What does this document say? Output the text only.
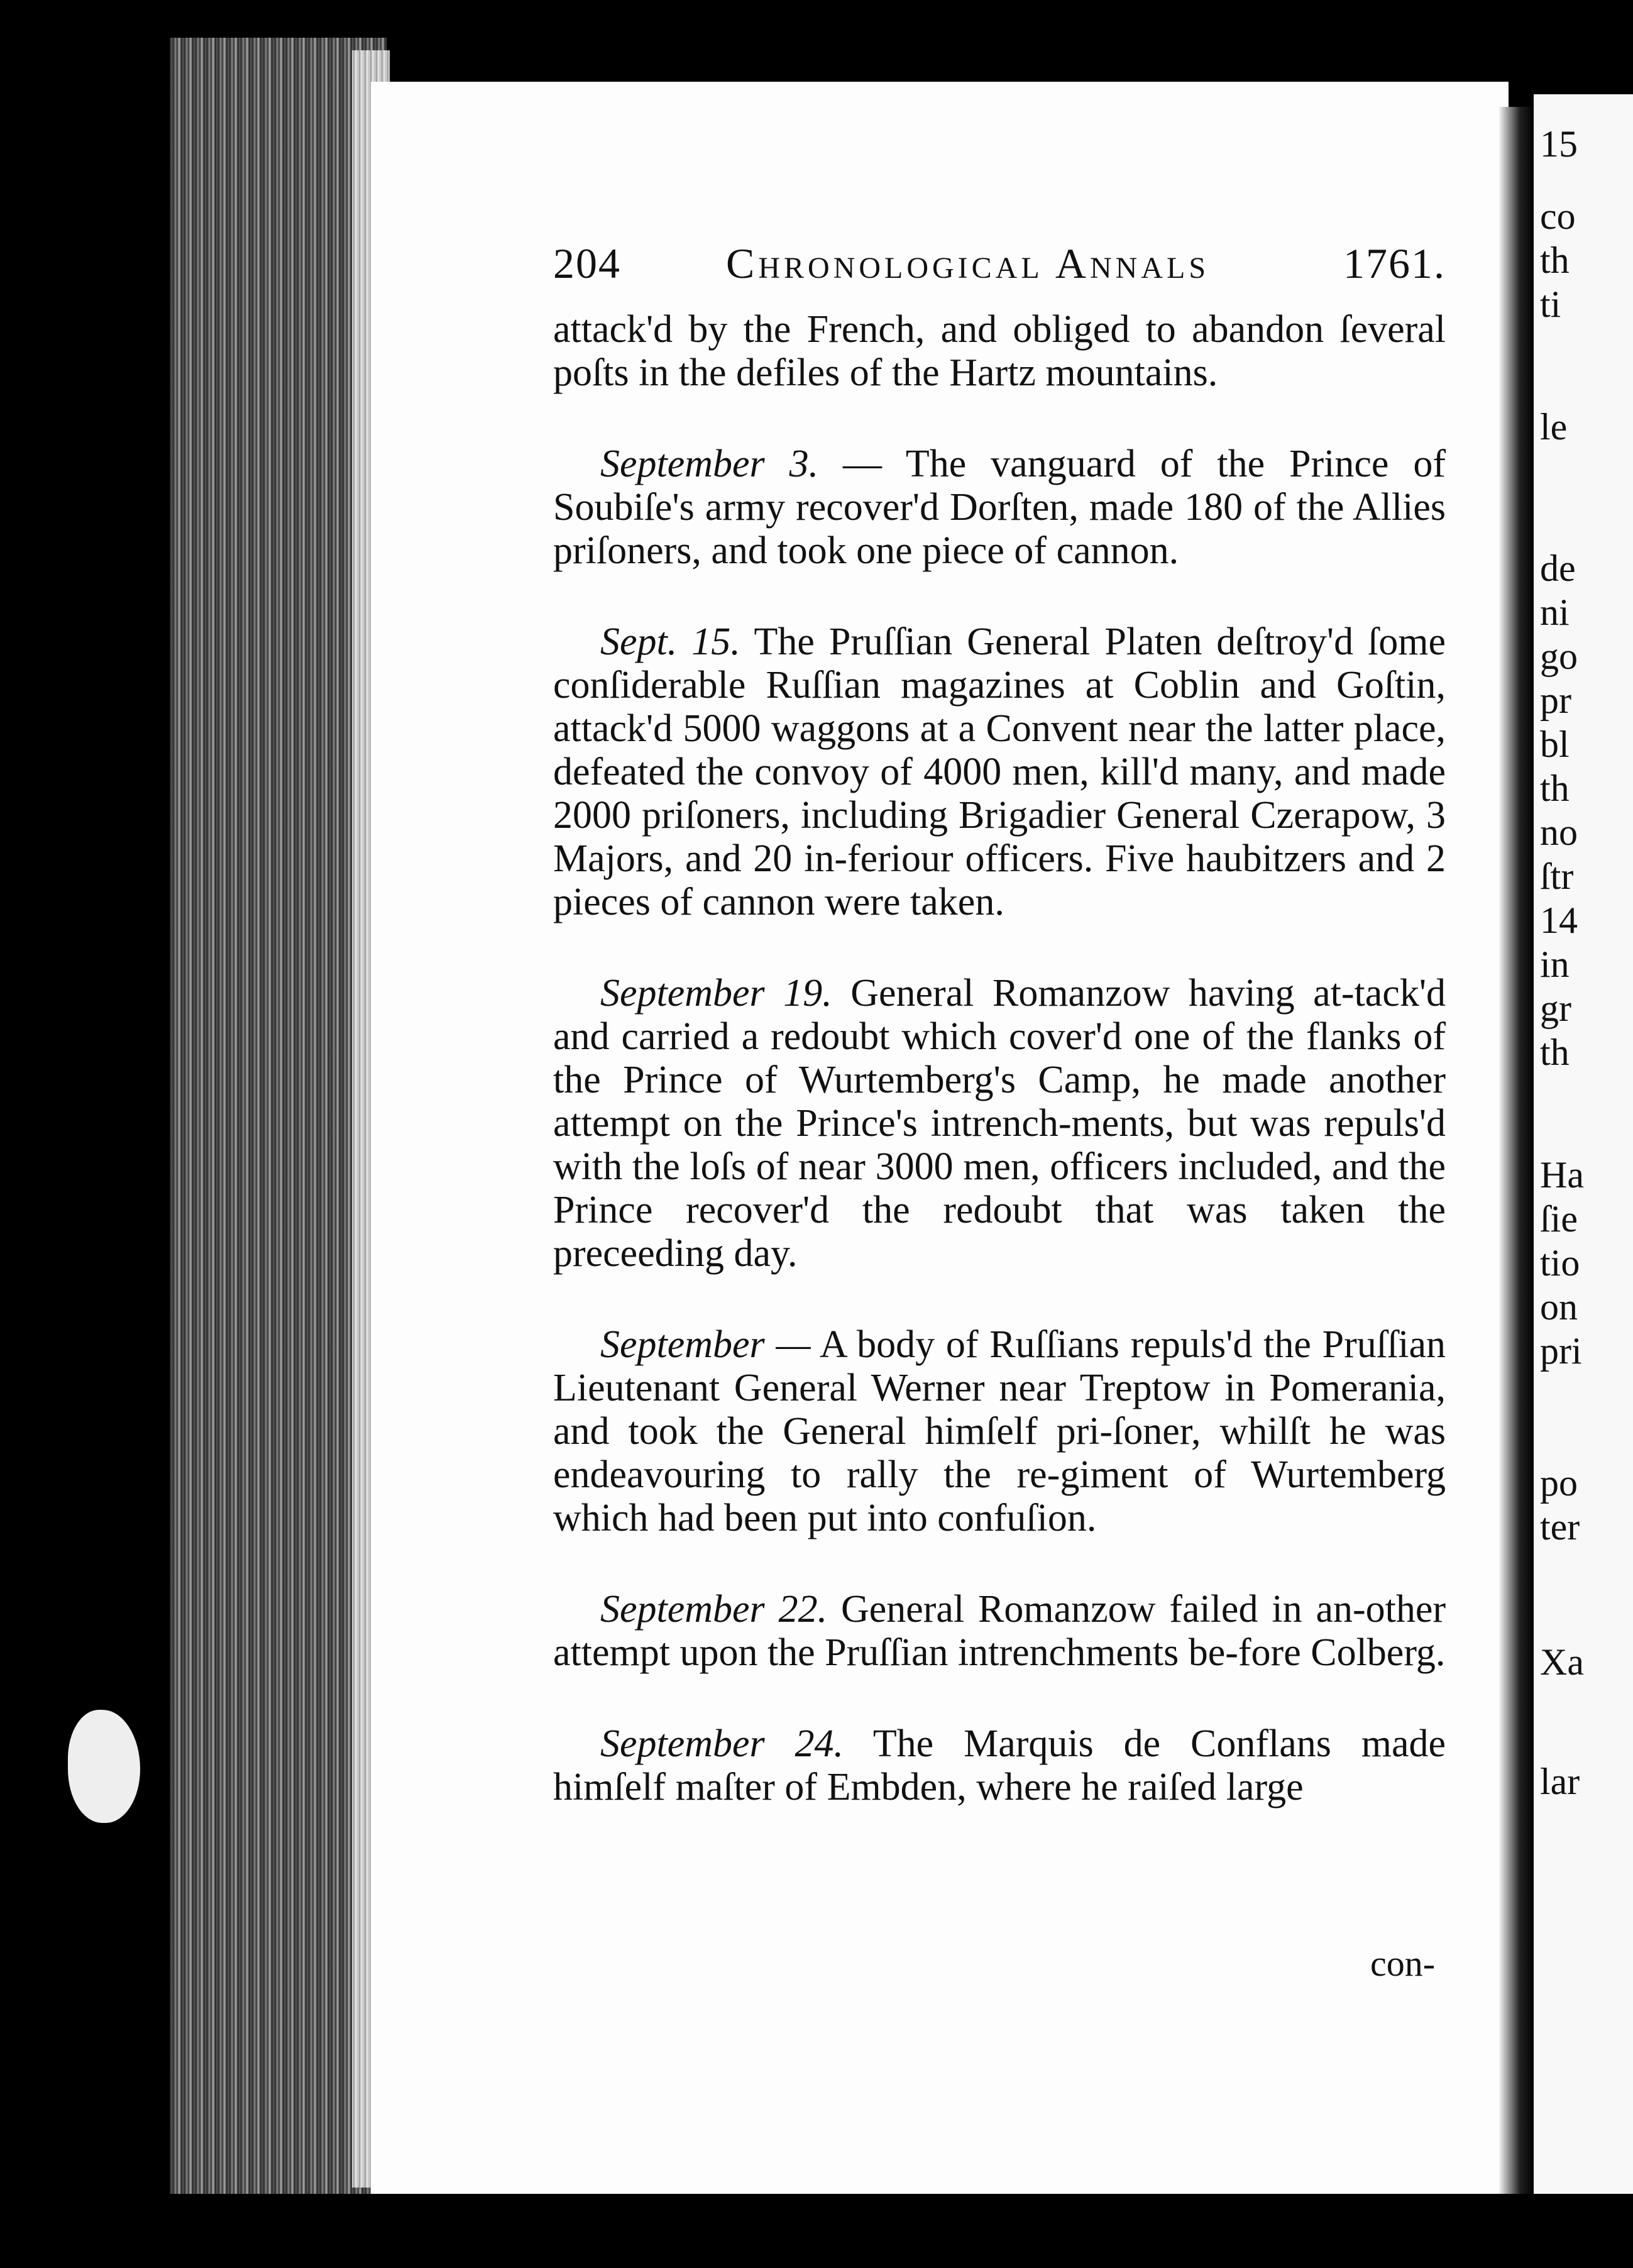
15
co
th
ti
le
de
ni
go
pr
bl
th
no
ſtr
14
in
gr
th
Ha
ſie
tio
on
pri
po
ter
Xa
lar
204 Chronological Annals	1761.

attack'd by the French, and obliged to abandon ſeveral poſts in the defiles of the Hartz mountains.

September 3. — The vanguard of the Prince of Soubiſe's army recover'd Dorſten, made 180 of the Allies priſoners, and took one piece of cannon.

Sept. 15. The Pruſſian General Platen deſtroy'd ſome conſiderable Ruſſian magazines at Coblin and Goſtin, attack'd 5000 waggons at a Convent near the latter place, defeated the convoy of 4000 men, kill'd many, and made 2000 priſoners, including Brigadier General Czerapow, 3 Majors, and 20 in-feriour officers. Five haubitzers and 2 pieces of cannon were taken.

September 19. General Romanzow having at-tack'd and carried a redoubt which cover'd one of the flanks of the Prince of Wurtemberg's Camp, he made another attempt on the Prince's intrench-ments, but was repuls'd with the loſs of near 3000 men, officers included, and the Prince recover'd the redoubt that was taken the preceeding day.

September — A body of Ruſſians repuls'd the Pruſſian Lieutenant General Werner near Treptow in Pomerania, and took the General himſelf pri-ſoner, whilſt he was endeavouring to rally the re-giment of Wurtemberg which had been put into confuſion.

September 22. General Romanzow failed in an-other attempt upon the Pruſſian intrenchments be-fore Colberg.

September 24. The Marquis de Conflans made himſelf maſter of Embden, where he raiſed large

con-
